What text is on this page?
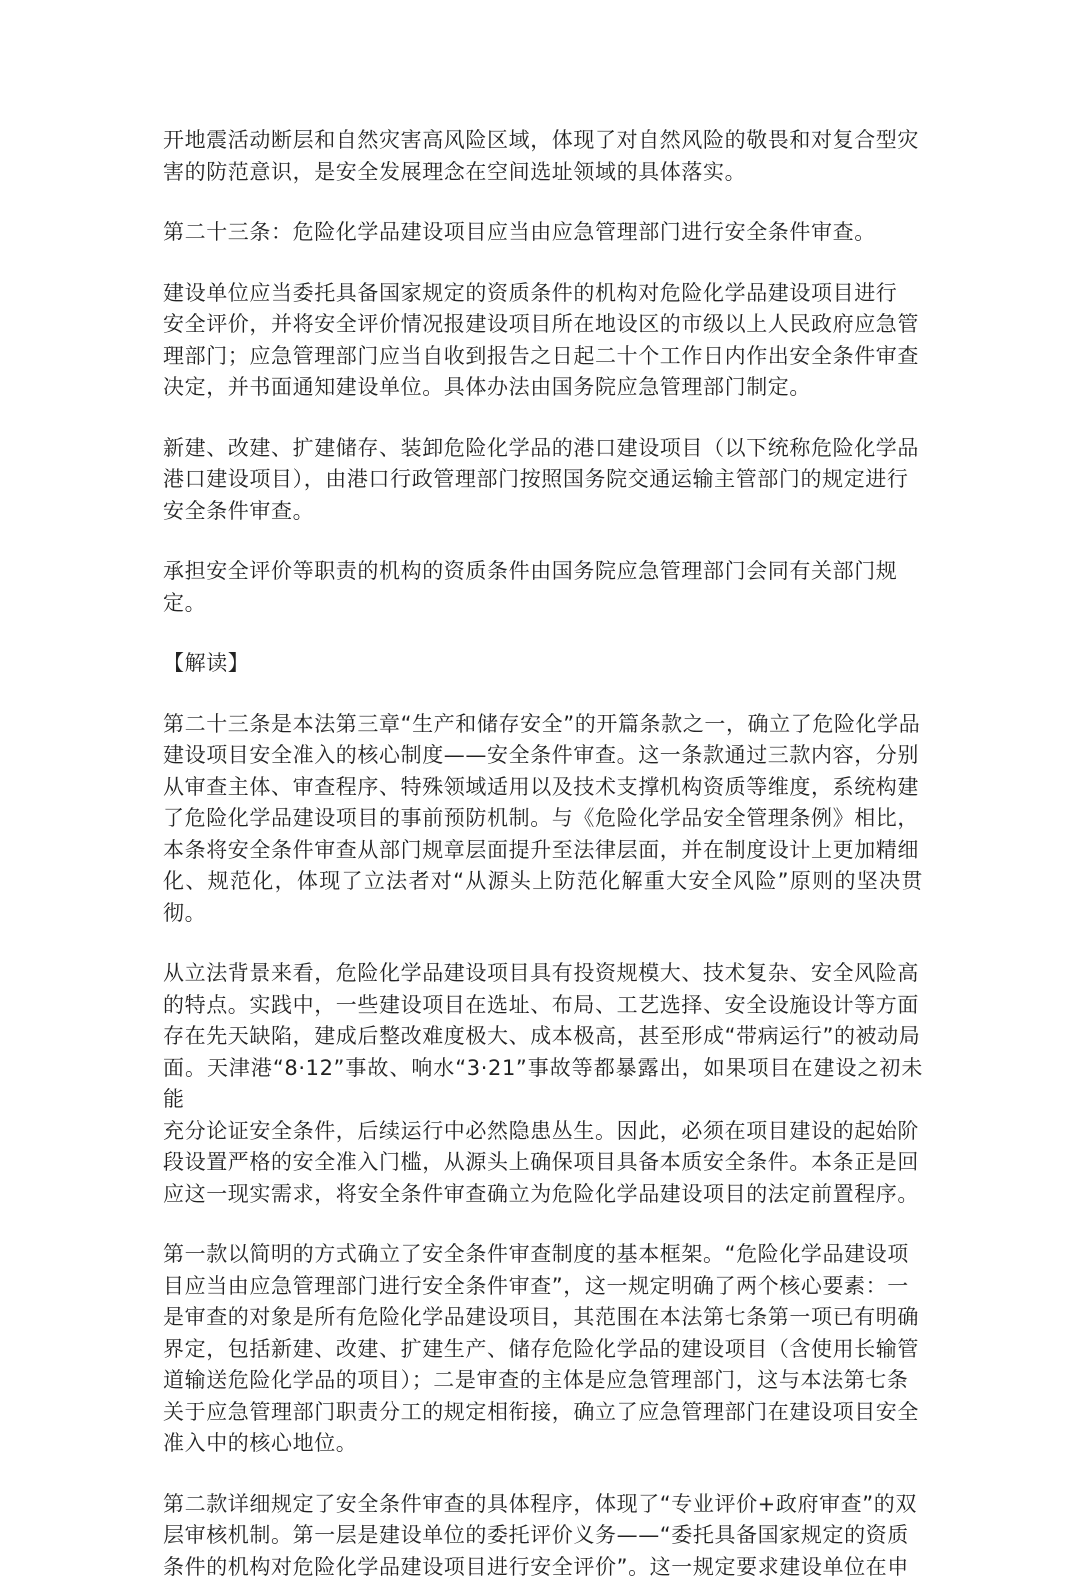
开地震活动断层和自然灾害高风险区域，体现了对自然风险的敬畏和对复合型灾
害的防范意识，是安全发展理念在空间选址领域的具体落实。
第二十三条：危险化学品建设项目应当由应急管理部门进行安全条件审查。
建设单位应当委托具备国家规定的资质条件的机构对危险化学品建设项目进行
安全评价，并将安全评价情况报建设项目所在地设区的市级以上人民政府应急管
理部门；应急管理部门应当自收到报告之日起二十个工作日内作出安全条件审查
决定，并书面通知建设单位。具体办法由国务院应急管理部门制定。
新建、改建、扩建储存、装卸危险化学品的港口建设项目（以下统称危险化学品
港口建设项目），由港口行政管理部门按照国务院交通运输主管部门的规定进行
安全条件审查。
承担安全评价等职责的机构的资质条件由国务院应急管理部门会同有关部门规
定。
【解读】
第二十三条是本法第三章“生产和储存安全”的开篇条款之一，确立了危险化学品
建设项目安全准入的核心制度——安全条件审查。这一条款通过三款内容，分别
从审查主体、审查程序、特殊领域适用以及技术支撑机构资质等维度，系统构建
了危险化学品建设项目的事前预防机制。与《危险化学品安全管理条例》相比，
本条将安全条件审查从部门规章层面提升至法律层面，并在制度设计上更加精细
化、规范化，体现了立法者对“从源头上防范化解重大安全风险”原则的坚决贯彻。
从立法背景来看，危险化学品建设项目具有投资规模大、技术复杂、安全风险高
的特点。实践中，一些建设项目在选址、布局、工艺选择、安全设施设计等方面
存在先天缺陷，建成后整改难度极大、成本极高，甚至形成“带病运行”的被动局
面。天津港“8·12”事故、响水“3·21”事故等都暴露出，如果项目在建设之初未能
充分论证安全条件，后续运行中必然隐患丛生。因此，必须在项目建设的起始阶
段设置严格的安全准入门槛，从源头上确保项目具备本质安全条件。本条正是回
应这一现实需求，将安全条件审查确立为危险化学品建设项目的法定前置程序。
第一款以简明的方式确立了安全条件审查制度的基本框架。“危险化学品建设项
目应当由应急管理部门进行安全条件审查”，这一规定明确了两个核心要素：一
是审查的对象是所有危险化学品建设项目，其范围在本法第七条第一项已有明确
界定，包括新建、改建、扩建生产、储存危险化学品的建设项目（含使用长输管
道输送危险化学品的项目）；二是审查的主体是应急管理部门，这与本法第七条
关于应急管理部门职责分工的规定相衔接，确立了应急管理部门在建设项目安全
准入中的核心地位。
第二款详细规定了安全条件审查的具体程序，体现了“专业评价+政府审查”的双
层审核机制。第一层是建设单位的委托评价义务——“委托具备国家规定的资质
条件的机构对危险化学品建设项目进行安全评价”。这一规定要求建设单位在申
